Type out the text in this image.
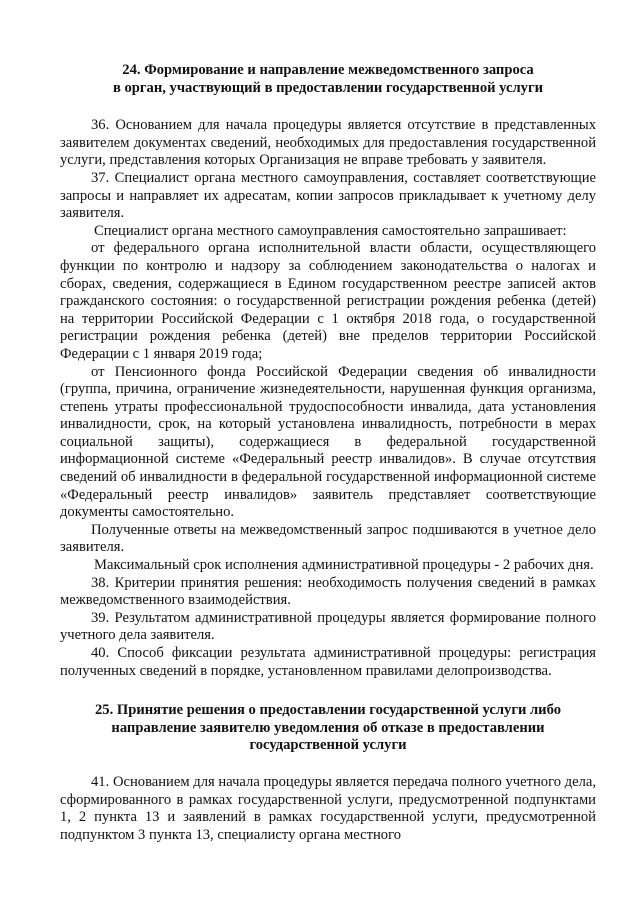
24. Формирование и направление межведомственного запроса
в орган, участвующий в предоставлении государственной услуги

36. Основанием для начала процедуры является отсутствие в представленных заявителем документах сведений, необходимых для предоставления государственной услуги, представления которых Организация не вправе требовать у заявителя.

37. Специалист органа местного самоуправления, составляет соответствующие запросы и направляет их адресатам, копии запросов прикладывает к учетному делу заявителя.

Специалист органа местного самоуправления самостоятельно запрашивает:

от федерального органа исполнительной власти области, осуществляющего функции по контролю и надзору за соблюдением законодательства о налогах и сборах, сведения, содержащиеся в Едином государственном реестре записей актов гражданского состояния: о государственной регистрации рождения ребенка (детей) на территории Российской Федерации с 1 октября 2018 года, о государственной регистрации рождения ребенка (детей) вне пределов территории Российской Федерации с 1 января 2019 года;

от Пенсионного фонда Российской Федерации сведения об инвалидности (группа, причина, ограничение жизнедеятельности, нарушенная функция организма, степень утраты профессиональной трудоспособности инвалида, дата установления инвалидности, срок, на который установлена инвалидность, потребности в мерах социальной защиты), содержащиеся в федеральной государственной информационной системе «Федеральный реестр инвалидов». В случае отсутствия сведений об инвалидности в федеральной государственной информационной системе «Федеральный реестр инвалидов» заявитель представляет соответствующие документы самостоятельно.

Полученные ответы на межведомственный запрос подшиваются в учетное дело заявителя.

Максимальный срок исполнения административной процедуры - 2 рабочих дня.

38. Критерии принятия решения: необходимость получения сведений в рамках межведомственного взаимодействия.

39. Результатом административной процедуры является формирование полного учетного дела заявителя.

40. Способ фиксации результата административной процедуры: регистрация полученных сведений в порядке, установленном правилами делопроизводства.

25. Принятие решения о предоставлении государственной услуги либо
направление заявителю уведомления об отказе в предоставлении
государственной услуги

41. Основанием для начала процедуры является передача полного учетного дела, сформированного в рамках государственной услуги, предусмотренной подпунктами 1, 2 пункта 13 и заявлений в рамках государственной услуги, предусмотренной подпунктом 3 пункта 13, специалисту органа местного
